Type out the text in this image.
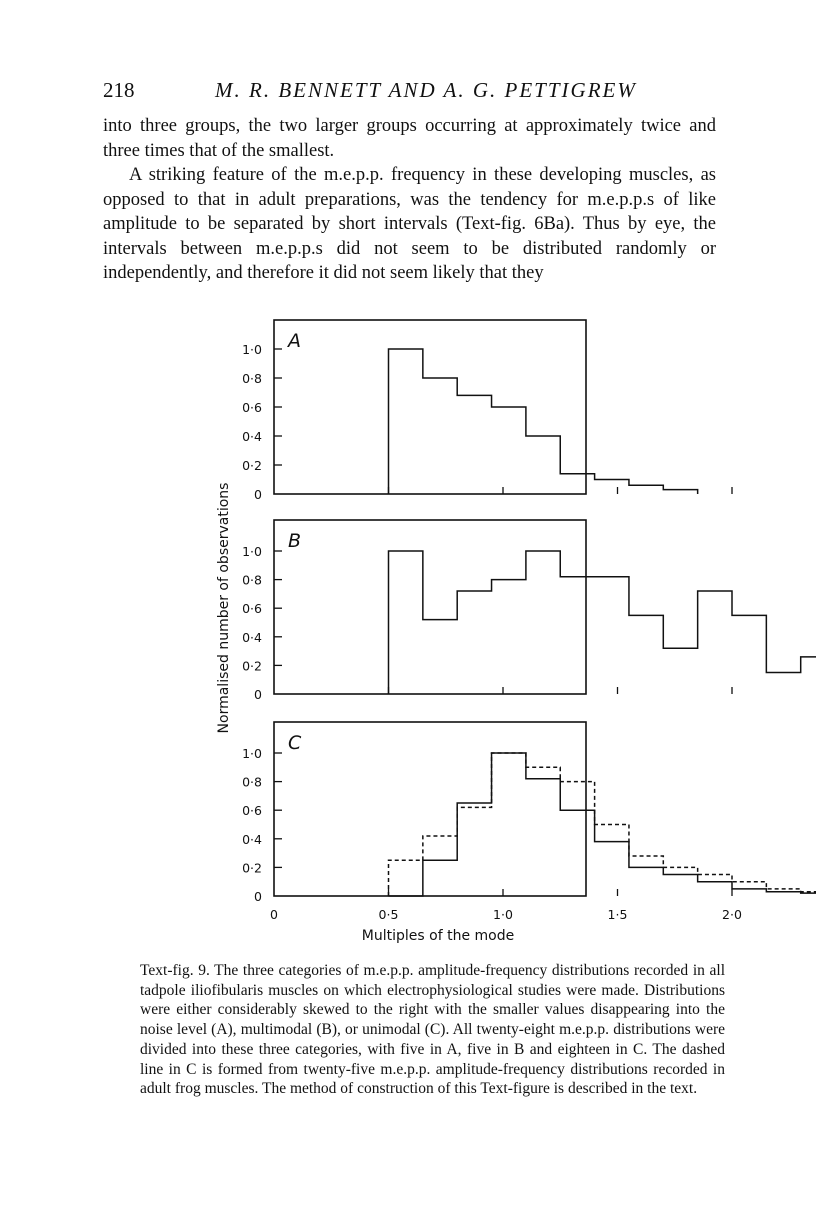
218	M. R. BENNETT AND A. G. PETTIGREW

into three groups, the two larger groups occurring at approximately twice and three times that of the smallest.

A striking feature of the m.e.p.p. frequency in these developing muscles, as opposed to that in adult preparations, was the tendency for m.e.p.p.s of like amplitude to be separated by short intervals (Text-fig. 6Ba). Thus by eye, the intervals between m.e.p.p.s did not seem to be distributed randomly or independently, and therefore it did not seem likely that they

A
1·0
0·8
0·6
0·4
0·2
0
B
1·0
0·8
0·6
0·4
0·2
0
C
1·0
0·8
0·6
0·4
0·2
0
0	0·5	1·0	1·5	2·0
Multiples of the mode
Normalised number of observations
Text-fig. 9. The three categories of m.e.p.p. amplitude-frequency distributions recorded in all tadpole iliofibularis muscles on which electrophysiological studies were made. Distributions were either considerably skewed to the right with the smaller values disappearing into the noise level (A), multimodal (B), or unimodal (C). All twenty-eight m.e.p.p. distributions were divided into these three categories, with five in A, five in B and eighteen in C. The dashed line in C is formed from twenty-five m.e.p.p. amplitude-frequency distributions recorded in adult frog muscles. The method of construction of this Text-figure is described in the text.
